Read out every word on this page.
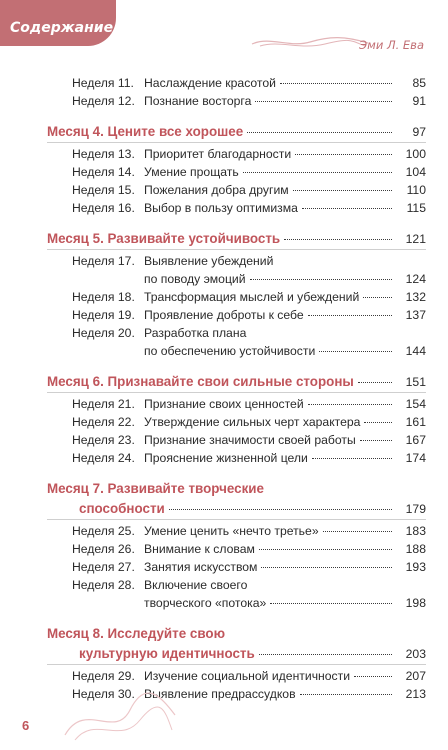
Содержание
Эми Л. Ева
Неделя 11. Наслаждение красотой	85
Неделя 12. Познание восторга	91
Месяц 4. Цените все хорошее	97
Неделя 13. Приоритет благодарности	100
Неделя 14. Умение прощать	104
Неделя 15. Пожелания добра другим	110
Неделя 16. Выбор в пользу оптимизма	115
Месяц 5. Развивайте устойчивость	121
Неделя 17. Выявление убеждений
по поводу эмоций	124
Неделя 18. Трансформация мыслей и убеждений	132
Неделя 19. Проявление доброты к себе	137
Неделя 20. Разработка плана
по обеспечению устойчивости	144
Месяц 6. Признавайте свои сильные стороны	151
Неделя 21. Признание своих ценностей	154
Неделя 22. Утверждение сильных черт характера	161
Неделя 23. Признание значимости своей работы	167
Неделя 24. Прояснение жизненной цели	174
Месяц 7. Развивайте творческие
способности	179
Неделя 25. Умение ценить «нечто третье»	183
Неделя 26. Внимание к словам	188
Неделя 27. Занятия искусством	193
Неделя 28. Включение своего
творческого «потока»	198
Месяц 8. Исследуйте свою
культурную идентичность	203
Неделя 29. Изучение социальной идентичности	207
Неделя 30. Выявление предрассудков	213
6
